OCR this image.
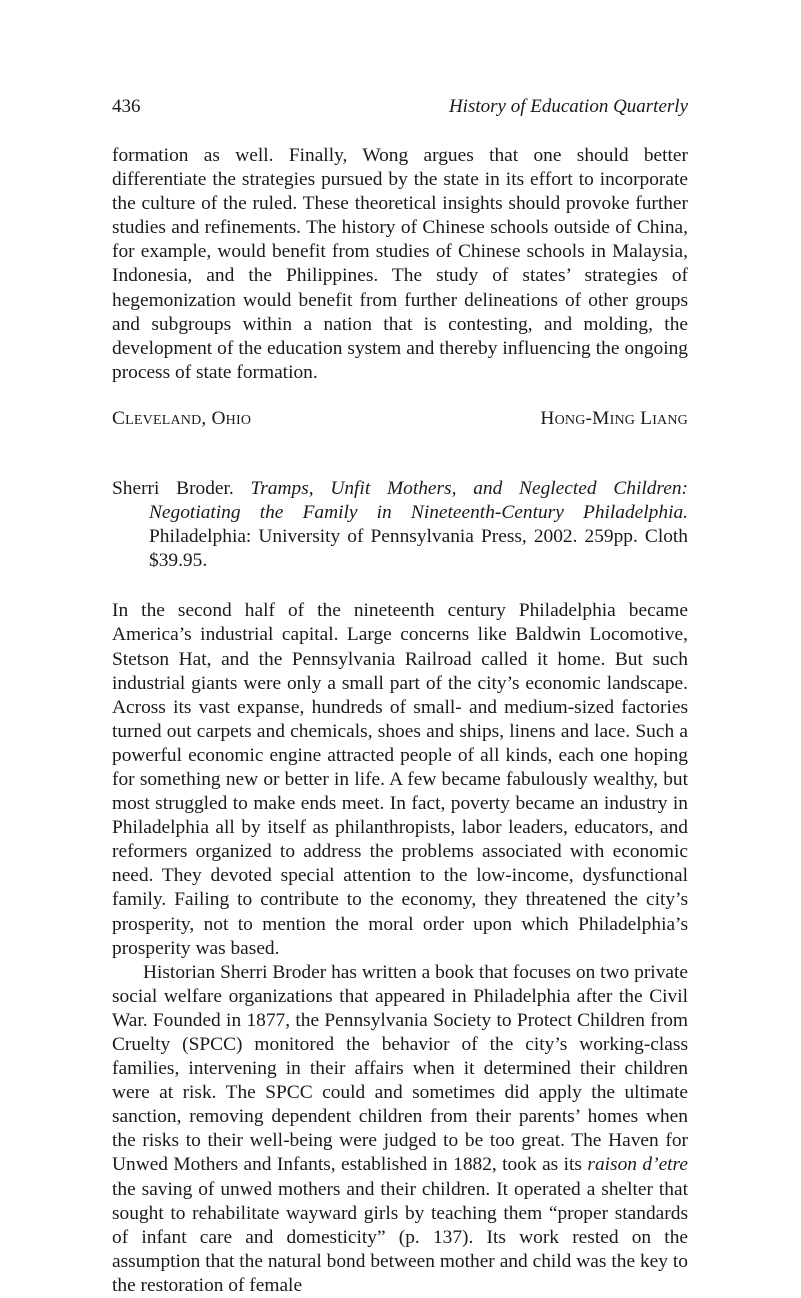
436	History of Education Quarterly

formation as well. Finally, Wong argues that one should better differentiate the strategies pursued by the state in its effort to incorporate the culture of the ruled. These theoretical insights should provoke further studies and refinements. The history of Chinese schools outside of China, for example, would benefit from studies of Chinese schools in Malaysia, Indonesia, and the Philippines. The study of states’ strategies of hegemonization would benefit from further delineations of other groups and subgroups within a nation that is contesting, and molding, the development of the education system and thereby influencing the ongoing process of state formation.

Cleveland, Ohio	Hong-Ming Liang

Sherri Broder. Tramps, Unfit Mothers, and Neglected Children: Negotiating the Family in Nineteenth-Century Philadelphia. Philadelphia: University of Pennsylvania Press, 2002. 259pp. Cloth $39.95.

In the second half of the nineteenth century Philadelphia became America’s industrial capital. Large concerns like Baldwin Locomotive, Stetson Hat, and the Pennsylvania Railroad called it home. But such industrial giants were only a small part of the city’s economic landscape. Across its vast expanse, hundreds of small- and medium-sized factories turned out carpets and chemicals, shoes and ships, linens and lace. Such a powerful economic engine attracted people of all kinds, each one hoping for something new or better in life. A few became fabulously wealthy, but most struggled to make ends meet. In fact, poverty became an industry in Philadelphia all by itself as philanthropists, labor leaders, educators, and reformers organized to address the problems associated with economic need. They devoted special attention to the low-income, dysfunctional family. Failing to contribute to the economy, they threatened the city’s prosperity, not to mention the moral order upon which Philadelphia’s prosperity was based.

Historian Sherri Broder has written a book that focuses on two private social welfare organizations that appeared in Philadelphia after the Civil War. Founded in 1877, the Pennsylvania Society to Protect Children from Cruelty (SPCC) monitored the behavior of the city’s working-class families, intervening in their affairs when it determined their children were at risk. The SPCC could and sometimes did apply the ultimate sanction, removing dependent children from their parents’ homes when the risks to their well-being were judged to be too great. The Haven for Unwed Mothers and Infants, established in 1882, took as its raison d’etre the saving of unwed mothers and their children. It operated a shelter that sought to rehabilitate wayward girls by teaching them “proper standards of infant care and domesticity” (p. 137). Its work rested on the assumption that the natural bond between mother and child was the key to the restoration of female
